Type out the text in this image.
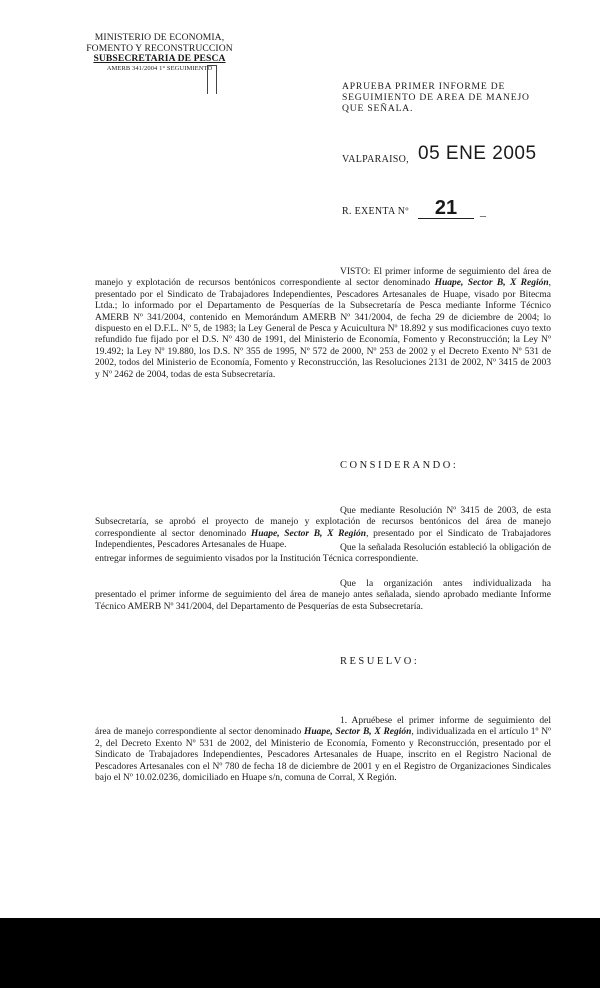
MINISTERIO DE ECONOMIA,
FOMENTO Y RECONSTRUCCION
SUBSECRETARIA DE PESCA
AMERB 341/2004 1° SEGUIMIENTO
APRUEBA PRIMER INFORME DE SEGUIMIENTO DE AREA DE MANEJO QUE SEÑALA.
VALPARAISO, 05 ENE 2005
R. EXENTA Nº	21	_
VISTO: El primer informe de seguimiento del área de manejo y explotación de recursos bentónicos correspondiente al sector denominado Huape, Sector B, X Región, presentado por el Sindicato de Trabajadores Independientes, Pescadores Artesanales de Huape, visado por Bitecma Ltda.; lo informado por el Departamento de Pesquerías de la Subsecretaría de Pesca mediante Informe Técnico AMERB Nº 341/2004, contenido en Memorándum AMERB Nº 341/2004, de fecha 29 de diciembre de 2004; lo dispuesto en el D.F.L. Nº 5, de 1983; la Ley General de Pesca y Acuicultura Nº 18.892 y sus modificaciones cuyo texto refundido fue fijado por el D.S. Nº 430 de 1991, del Ministerio de Economía, Fomento y Reconstrucción; la Ley Nº 19.492; la Ley Nº 19.880, los D.S. Nº 355 de 1995, Nº 572 de 2000, Nº 253 de 2002 y el Decreto Exento Nº 531 de 2002, todos del Ministerio de Economía, Fomento y Reconstrucción, las Resoluciones 2131 de 2002, Nº 3415 de 2003 y Nº 2462 de 2004, todas de esta Subsecretaría.
CONSIDERANDO:
Que mediante Resolución Nº 3415 de 2003, de esta Subsecretaría, se aprobó el proyecto de manejo y explotación de recursos bentónicos del área de manejo correspondiente al sector denominado Huape, Sector B, X Región, presentado por el Sindicato de Trabajadores Independientes, Pescadores Artesanales de Huape.	Que la señalada Resolución estableció la obligación de entregar informes de seguimiento visados por la Institución Técnica correspondiente.
Que la organización antes individualizada ha presentado el primer informe de seguimiento del área de manejo antes señalada, siendo aprobado mediante Informe Técnico AMERB Nº 341/2004, del Departamento de Pesquerías de esta Subsecretaría.
RESUELVO:
1. Apruébese el primer informe de seguimiento del área de manejo correspondiente al sector denominado Huape, Sector B, X Región, individualizada en el artículo 1º Nº 2, del Decreto Exento Nº 531 de 2002, del Ministerio de Economía, Fomento y Reconstrucción, presentado por el Sindicato de Trabajadores Independientes, Pescadores Artesanales de Huape, inscrito en el Registro Nacional de Pescadores Artesanales con el Nº 780 de fecha 18 de diciembre de 2001 y en el Registro de Organizaciones Sindicales bajo el Nº 10.02.0236, domiciliado en Huape s/n, comuna de Corral, X Región.
